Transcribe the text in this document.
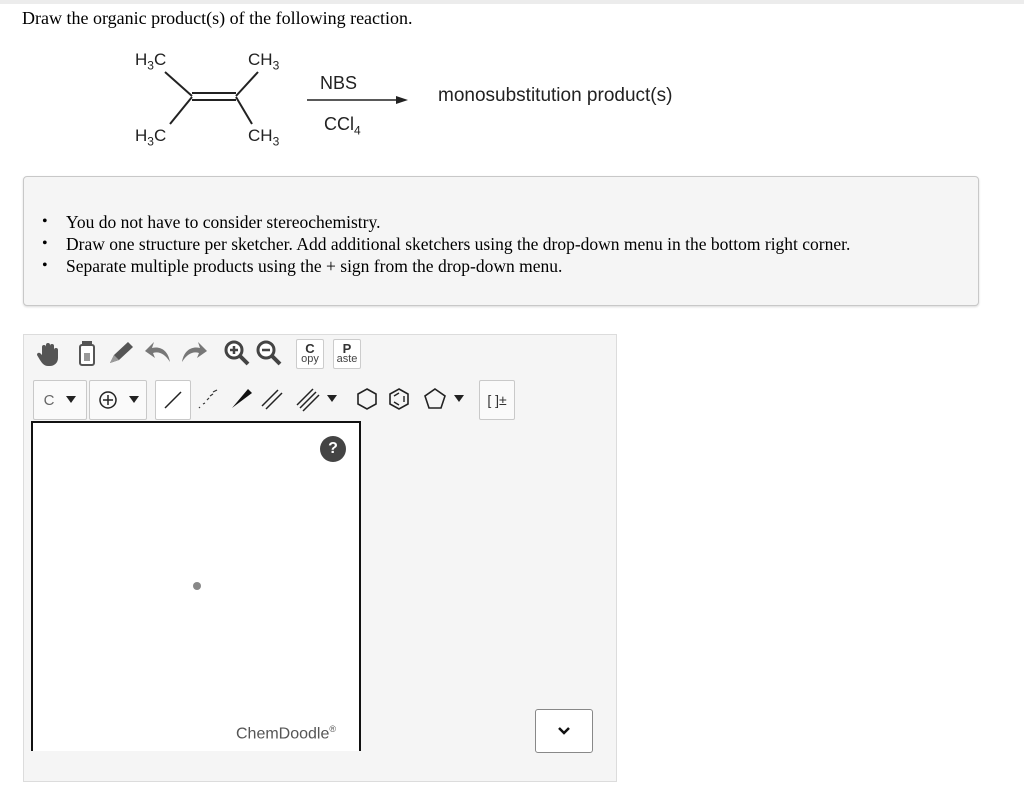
Draw the organic product(s) of the following reaction.
$H_3C$	$CH_3$
$H_3C$	$CH_3$
NBS
CCl$_4$
monosubstitution product(s)
• You do not have to consider stereochemistry.
• Draw one structure per sketcher. Add additional sketchers using the drop-down menu in the bottom right corner.
• Separate multiple products using the + sign from the drop-down menu.
C
opy
P
aste
C	[ ]±
?
ChemDoodle®
